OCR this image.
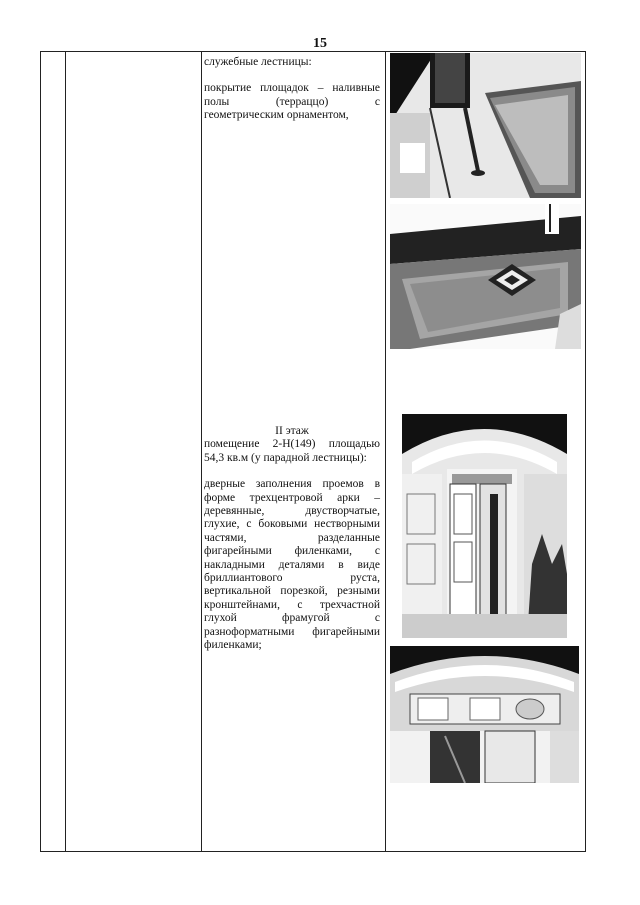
15
служебные лестницы:
покрытие площадок – наливные
полы (терраццо) с
геометрическим орнаментом,
II этаж
помещение 2-Н(149) площадью
54,3 кв.м (у парадной лестницы):
дверные заполнения проемов в
форме трехцентровой арки –
деревянные, двустворчатые,
глухие, с боковыми нестворными
частями, разделанные
фигарейными филенками, с
накладными деталями в виде
бриллиантового руста,
вертикальной порезкой, резными
кронштейнами, с трехчастной
глухой фрамугой с
разноформатными фигарейными
филенками;
